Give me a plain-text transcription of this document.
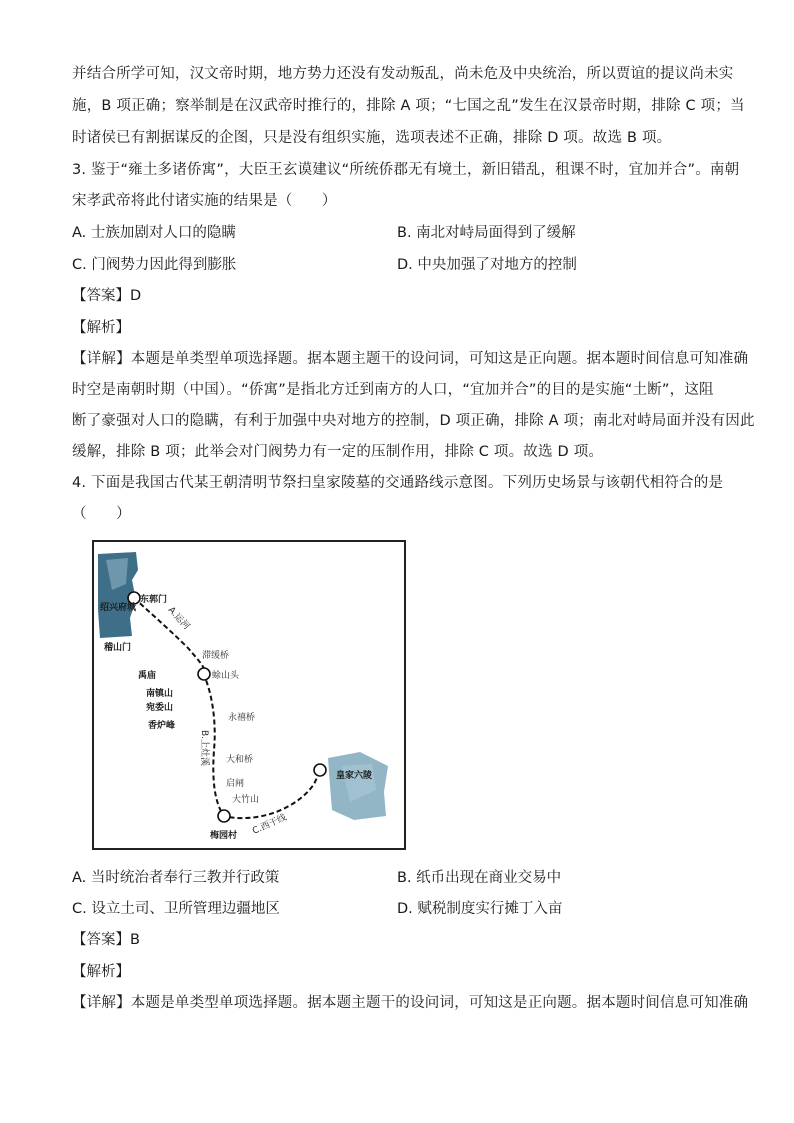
并结合所学可知，汉文帝时期，地方势力还没有发动叛乱，尚未危及中央统治，所以贾谊的提议尚未实
施，B 项正确；察举制是在汉武帝时推行的，排除 A 项；“七国之乱”发生在汉景帝时期，排除 C 项；当
时诸侯已有割据谋反的企图，只是没有组织实施，选项表述不正确，排除 D 项。故选 B 项。
3. 鉴于“雍土多诸侨寓”，大臣王玄谟建议“所统侨郡无有境土，新旧错乱，租课不时，宜加并合”。南朝
宋孝武帝将此付诸实施的结果是（　　）
A. 士族加剧对人口的隐瞒	B. 南北对峙局面得到了缓解
C. 门阀势力因此得到膨胀	D. 中央加强了对地方的控制
【答案】D
【解析】
【详解】本题是单类型单项选择题。据本题主题干的设问词，可知这是正向题。据本题时间信息可知准确
时空是南朝时期（中国）。“侨寓”是指北方迁到南方的人口，“宜加并合”的目的是实施“土断”，这阻
断了豪强对人口的隐瞒，有利于加强中央对地方的控制，D 项正确，排除 A 项；南北对峙局面并没有因此
缓解，排除 B 项；此举会对门阀势力有一定的压制作用，排除 C 项。故选 D 项。
4. 下面是我国古代某王朝清明节祭扫皇家陵墓的交通路线示意图。下列历史场景与该朝代相符合的是
（　　）
绍兴府城
东郭门
稽山门
A.运河
滞缓桥
蜍山头
禹庙
南镇山
宛委山
香炉峰
永禧桥
B.上灶溪 大和桥
启闸
大竹山
梅园村 C.西干线
皇家六陵
A. 当时统治者奉行三教并行政策	B. 纸币出现在商业交易中
C. 设立土司、卫所管理边疆地区	D. 赋税制度实行摊丁入亩
【答案】B
【解析】
【详解】本题是单类型单项选择题。据本题主题干的设问词，可知这是正向题。据本题时间信息可知准确
